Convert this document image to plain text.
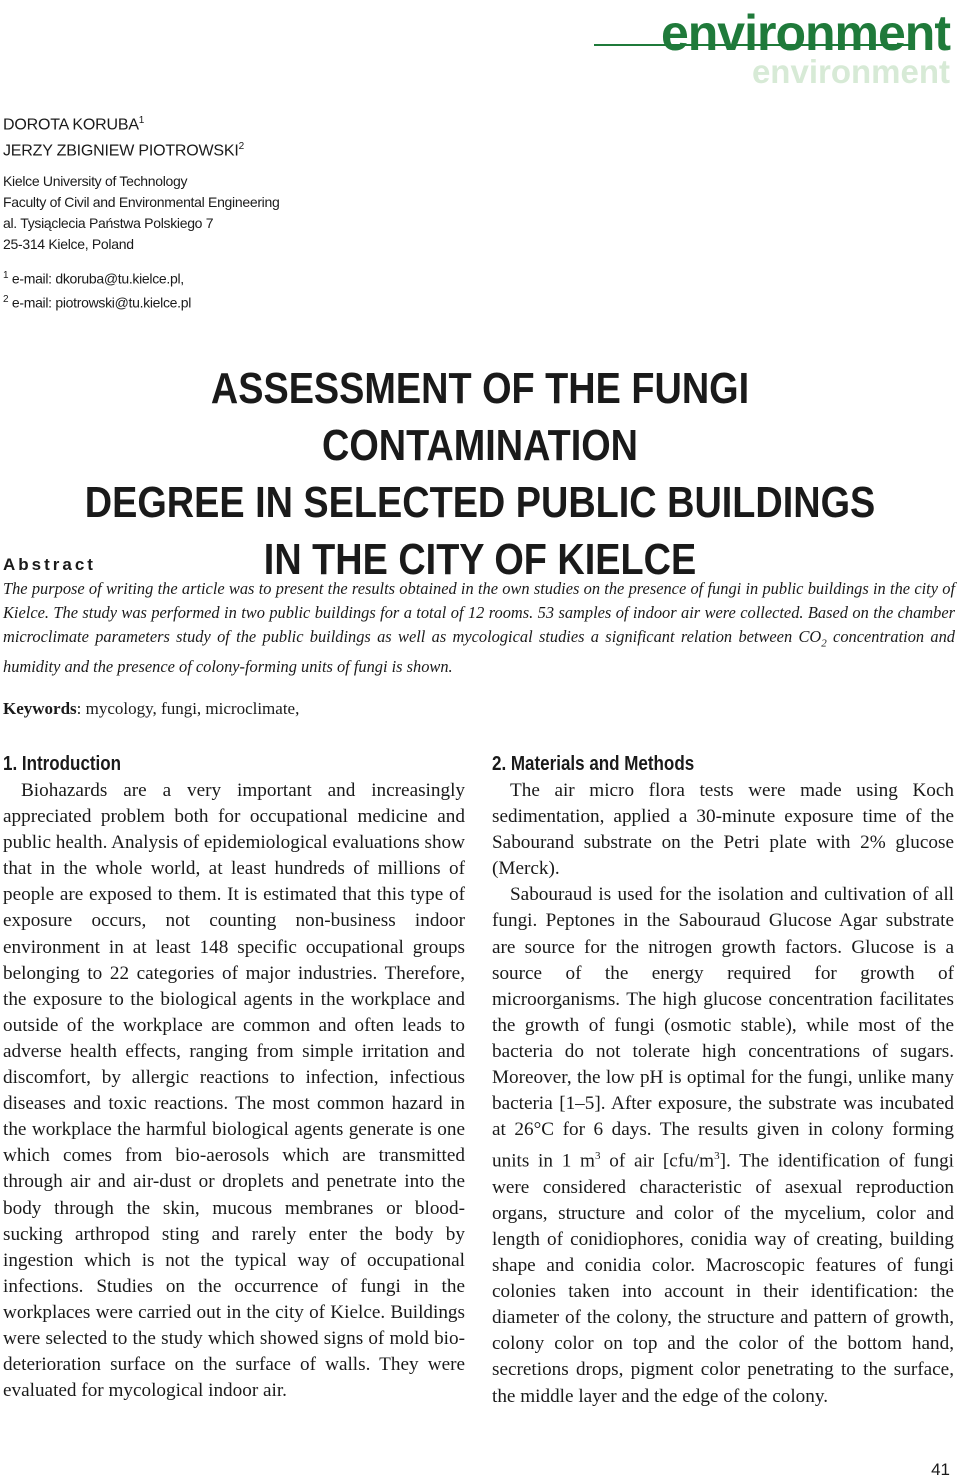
environment
environment
DOROTA KORUBA$^1$
JERZY ZBIGNIEW PIOTROWSKI$^2$
Kielce University of Technology
Faculty of Civil and Environmental Engineering
al. Tysiąclecia Państwa Polskiego 7
25-314 Kielce, Poland
$^1$ e-mail: dkoruba@tu.kielce.pl,
$^2$ e-mail: piotrowski@tu.kielce.pl
ASSESSMENT OF THE FUNGI CONTAMINATION
DEGREE IN SELECTED PUBLIC BUILDINGS
IN THE CITY OF KIELCE
Abstract
The purpose of writing the article was to present the results obtained in the own studies on the presence of fungi in public buildings in the city of Kielce. The study was performed in two public buildings for a total of 12 rooms. 53 samples of indoor air were collected. Based on the chamber microclimate parameters study of the public buildings as well as mycological studies a significant relation between $CO_2$ concentration and humidity and the presence of colony-forming units of fungi is shown.
Keywords: mycology, fungi, microclimate,
1. Introduction

Biohazards are a very important and increasingly appreciated problem both for occupational medicine and public health. Analysis of epidemiological evaluations show that in the whole world, at least hundreds of millions of people are exposed to them. It is estimated that this type of exposure occurs, not counting non-business indoor environment in at least 148 specific occupational groups belonging to 22 categories of major industries. Therefore, the exposure to the biological agents in the workplace and outside of the workplace are common and often leads to adverse health effects, ranging from simple irritation and discomfort, by allergic reactions to infection, infectious diseases and toxic reactions. The most common hazard in the workplace the harmful biological agents generate is one which comes from bio-aerosols which are transmitted through air and air-dust or droplets and penetrate into the body through the skin, mucous membranes or blood-sucking arthropod sting and rarely enter the body by ingestion which is not the typical way of occupational infections. Studies on the occurrence of fungi in the workplaces were carried out in the city of Kielce. Buildings were selected to the study which showed signs of mold bio-deterioration surface on the surface of walls. They were evaluated for mycological indoor air.

2. Materials and Methods

The air micro flora tests were made using Koch sedimentation, applied a 30-minute exposure time of the Sabourand substrate on the Petri plate with 2% glucose (Merck).

Sabouraud is used for the isolation and cultivation of all fungi. Peptones in the Sabouraud Glucose Agar substrate are source for the nitrogen growth factors. Glucose is a source of the energy required for growth of microorganisms. The high glucose concentration facilitates the growth of fungi (osmotic stable), while most of the bacteria do not tolerate high concentrations of sugars. Moreover, the low pH is optimal for the fungi, unlike many bacteria [1–5]. After exposure, the substrate was incubated at 26°C for 6 days. The results given in colony forming units in 1 $m^3$ of air $[cfu/m^3]$. The identification of fungi were considered characteristic of asexual reproduction organs, structure and color of the mycelium, color and length of conidiophores, conidia way of creating, building shape and conidia color. Macroscopic features of fungi colonies taken into account in their identification: the diameter of the colony, the structure and pattern of growth, colony color on top and the color of the bottom hand, secretions drops, pigment color penetrating to the surface, the middle layer and the edge of the colony.

41
